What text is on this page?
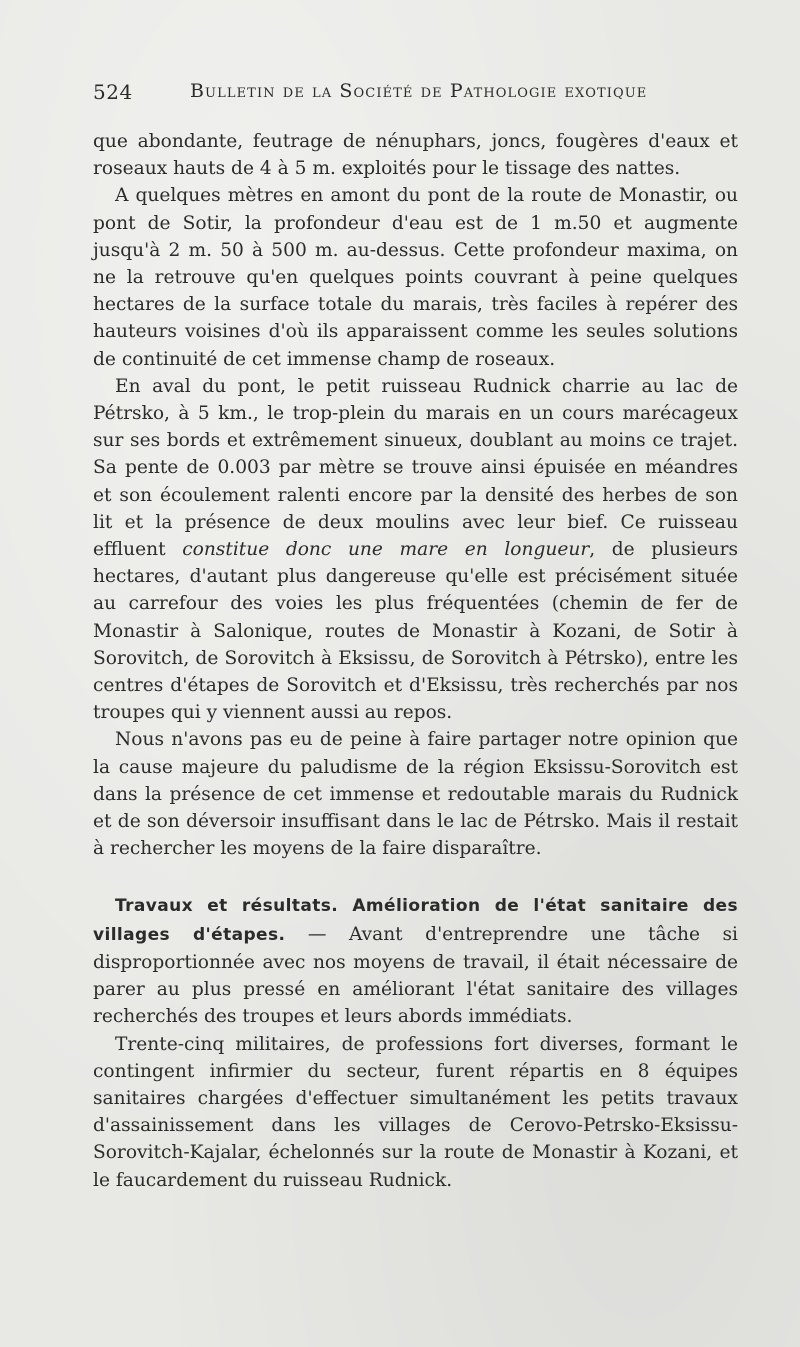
524	Bulletin de la Société de Pathologie exotique

que abondante, feutrage de nénuphars, joncs, fougères d'eaux et roseaux hauts de 4 à 5 m. exploités pour le tissage des nattes.

A quelques mètres en amont du pont de la route de Monastir, ou pont de Sotir, la profondeur d'eau est de 1 m.50 et augmente jusqu'à 2 m. 50 à 500 m. au-dessus. Cette profondeur maxima, on ne la retrouve qu'en quelques points couvrant à peine quelques hectares de la surface totale du marais, très faciles à repérer des hauteurs voisines d'où ils apparaissent comme les seules solutions de continuité de cet immense champ de roseaux.

En aval du pont, le petit ruisseau Rudnick charrie au lac de Pétrsko, à 5 km., le trop-plein du marais en un cours marécageux sur ses bords et extrêmement sinueux, doublant au moins ce trajet. Sa pente de 0.003 par mètre se trouve ainsi épuisée en méandres et son écoulement ralenti encore par la densité des herbes de son lit et la présence de deux moulins avec leur bief. Ce ruisseau effluent constitue donc une mare en longueur, de plusieurs hectares, d'autant plus dangereuse qu'elle est précisément située au carrefour des voies les plus fréquentées (chemin de fer de Monastir à Salonique, routes de Monastir à Kozani, de Sotir à Sorovitch, de Sorovitch à Eksissu, de Sorovitch à Pétrsko), entre les centres d'étapes de Sorovitch et d'Eksissu, très recherchés par nos troupes qui y viennent aussi au repos.

Nous n'avons pas eu de peine à faire partager notre opinion que la cause majeure du paludisme de la région Eksissu-Sorovitch est dans la présence de cet immense et redoutable marais du Rudnick et de son déversoir insuffisant dans le lac de Pétrsko. Mais il restait à rechercher les moyens de la faire disparaître.

Travaux et résultats. Amélioration de l'état sanitaire des villages d'étapes. — Avant d'entreprendre une tâche si disproportionnée avec nos moyens de travail, il était nécessaire de parer au plus pressé en améliorant l'état sanitaire des villages recherchés des troupes et leurs abords immédiats.

Trente-cinq militaires, de professions fort diverses, formant le contingent infirmier du secteur, furent répartis en 8 équipes sanitaires chargées d'effectuer simultanément les petits travaux d'assainissement dans les villages de Cerovo-Petrsko-Eksissu-Sorovitch-Kajalar, échelonnés sur la route de Monastir à Kozani, et le faucardement du ruisseau Rudnick.
